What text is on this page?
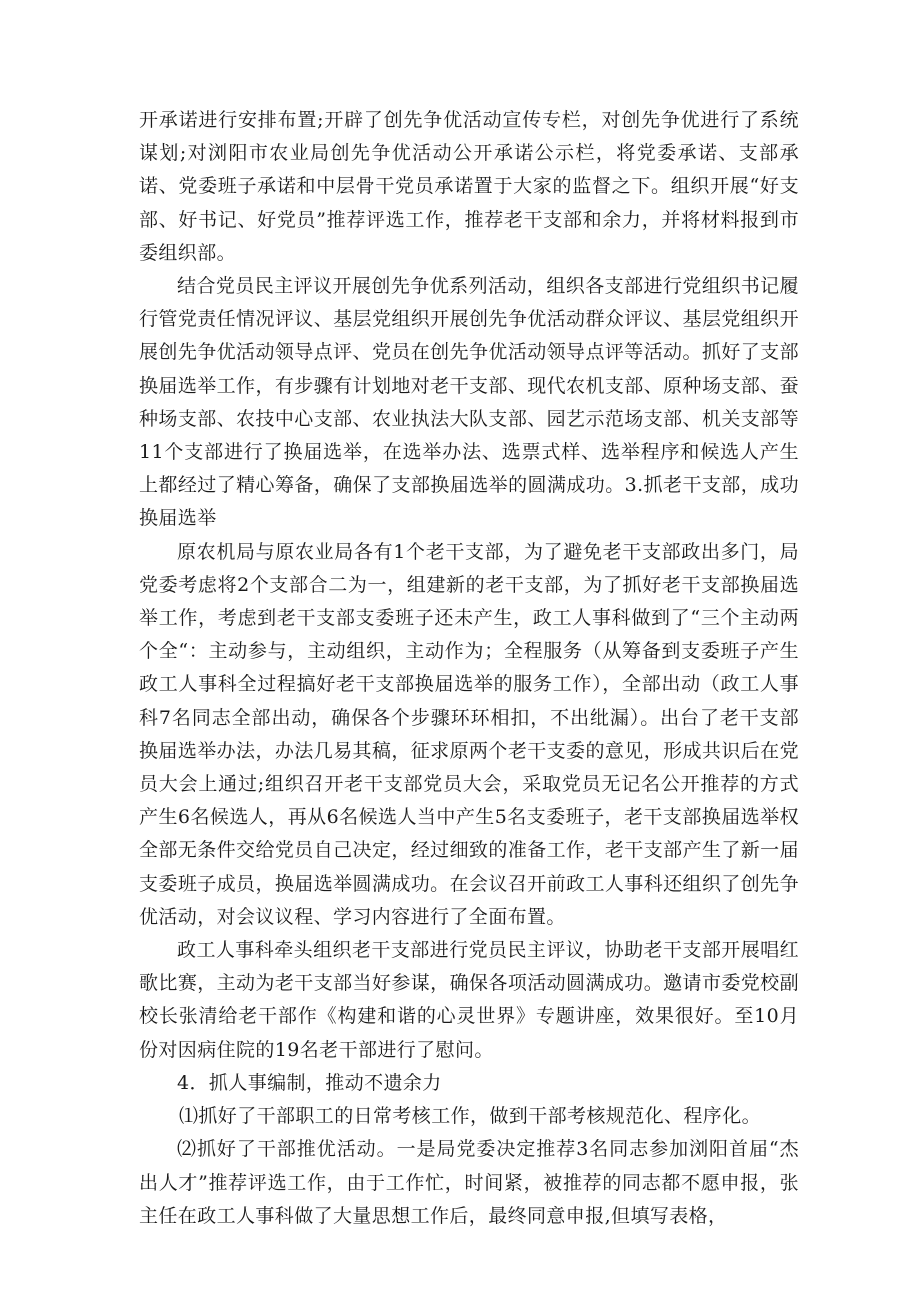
开承诺进行安排布置;开辟了创先争优活动宣传专栏，对创先争优进行了系统谋划;对浏阳市农业局创先争优活动公开承诺公示栏，将党委承诺、支部承诺、党委班子承诺和中层骨干党员承诺置于大家的监督之下。组织开展“好支部、好书记、好党员”推荐评选工作，推荐老干支部和余力，并将材料报到市委组织部。

结合党员民主评议开展创先争优系列活动，组织各支部进行党组织书记履行管党责任情况评议、基层党组织开展创先争优活动群众评议、基层党组织开展创先争优活动领导点评、党员在创先争优活动领导点评等活动。抓好了支部换届选举工作，有步骤有计划地对老干支部、现代农机支部、原种场支部、蚕种场支部、农技中心支部、农业执法大队支部、园艺示范场支部、机关支部等11个支部进行了换届选举，在选举办法、选票式样、选举程序和候选人产生上都经过了精心筹备，确保了支部换届选举的圆满成功。3.抓老干支部，成功换届选举

原农机局与原农业局各有1个老干支部，为了避免老干支部政出多门，局党委考虑将2个支部合二为一，组建新的老干支部，为了抓好老干支部换届选举工作，考虑到老干支部支委班子还未产生，政工人事科做到了“三个主动两个全“：主动参与，主动组织，主动作为；全程服务（从筹备到支委班子产生政工人事科全过程搞好老干支部换届选举的服务工作），全部出动（政工人事科7名同志全部出动，确保各个步骤环环相扣，不出纰漏）。出台了老干支部换届选举办法，办法几易其稿，征求原两个老干支委的意见，形成共识后在党员大会上通过;组织召开老干支部党员大会，采取党员无记名公开推荐的方式产生6名候选人，再从6名候选人当中产生5名支委班子，老干支部换届选举权全部无条件交给党员自己决定，经过细致的准备工作，老干支部产生了新一届支委班子成员，换届选举圆满成功。在会议召开前政工人事科还组织了创先争优活动，对会议议程、学习内容进行了全面布置。

政工人事科牵头组织老干支部进行党员民主评议，协助老干支部开展唱红歌比赛，主动为老干支部当好参谋，确保各项活动圆满成功。邀请市委党校副校长张清给老干部作《构建和谐的心灵世界》专题讲座，效果很好。至10月份对因病住院的19名老干部进行了慰问。

4．抓人事编制，推动不遗余力

⑴抓好了干部职工的日常考核工作，做到干部考核规范化、程序化。

⑵抓好了干部推优活动。一是局党委决定推荐3名同志参加浏阳首届“杰出人才”推荐评选工作，由于工作忙，时间紧，被推荐的同志都不愿申报，张主任在政工人事科做了大量思想工作后，最终同意申报,但填写表格，
